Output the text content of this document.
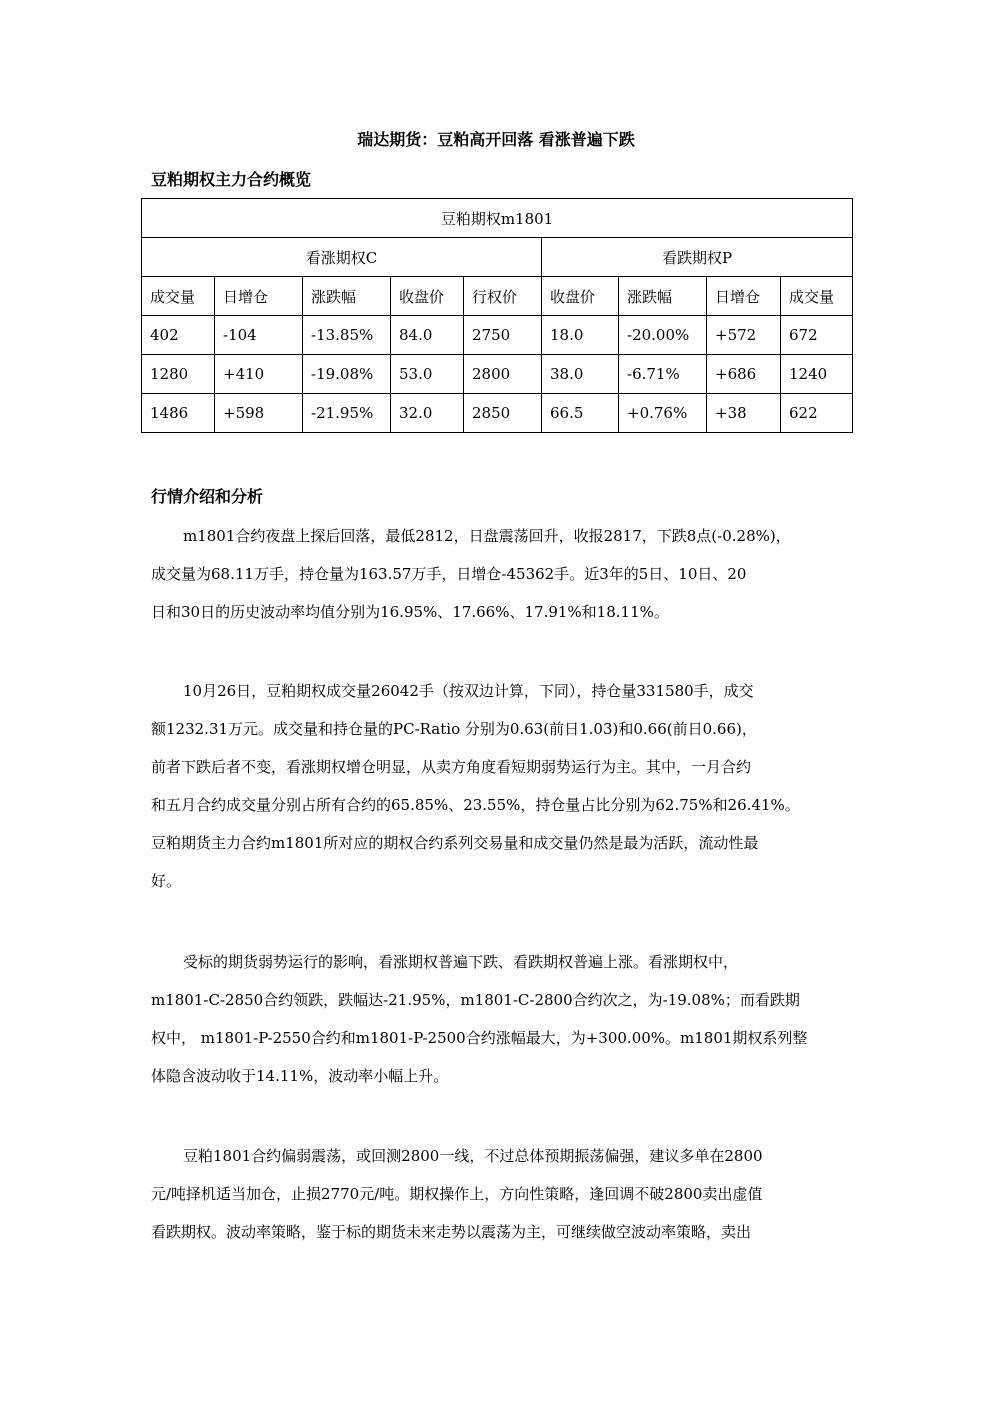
瑞达期货：豆粕高开回落 看涨普遍下跌
豆粕期权主力合约概览
豆粕期权m1801								
看涨期权C					看跌期权P			
成交量	日增仓	涨跌幅	收盘价	行权价	收盘价	涨跌幅	日增仓	成交量
402	-104	-13.85%	84.0	2750	18.0	-20.00%	+572	672
1280	+410	-19.08%	53.0	2800	38.0	-6.71%	+686	1240
1486	+598	-21.95%	32.0	2850	66.5	+0.76%	+38	622
行情介绍和分析
m1801合约夜盘上探后回落，最低2812，日盘震荡回升，收报2817，下跌8点(-0.28%)，
成交量为68.11万手，持仓量为163.57万手，日增仓-45362手。近3年的5日、10日、20
日和30日的历史波动率均值分别为16.95%、17.66%、17.91%和18.11%。
10月26日，豆粕期权成交量26042手（按双边计算，下同），持仓量331580手，成交
额1232.31万元。成交量和持仓量的PC-Ratio 分别为0.63(前日1.03)和0.66(前日0.66)，
前者下跌后者不变，看涨期权增仓明显，从卖方角度看短期弱势运行为主。其中，一月合约
和五月合约成交量分别占所有合约的65.85%、23.55%，持仓量占比分别为62.75%和26.41%。
豆粕期货主力合约m1801所对应的期权合约系列交易量和成交量仍然是最为活跃，流动性最
好。
受标的期货弱势运行的影响，看涨期权普遍下跌、看跌期权普遍上涨。看涨期权中，
m1801-C-2850合约领跌，跌幅达-21.95%，m1801-C-2800合约次之，为-19.08%；而看跌期
权中， m1801-P-2550合约和m1801-P-2500合约涨幅最大，为+300.00%。m1801期权系列整
体隐含波动收于14.11%，波动率小幅上升。
豆粕1801合约偏弱震荡，或回测2800一线，不过总体预期振荡偏强，建议多单在2800
元/吨择机适当加仓，止损2770元/吨。期权操作上，方向性策略，逢回调不破2800卖出虚值
看跌期权。波动率策略，鉴于标的期货未来走势以震荡为主，可继续做空波动率策略，卖出
